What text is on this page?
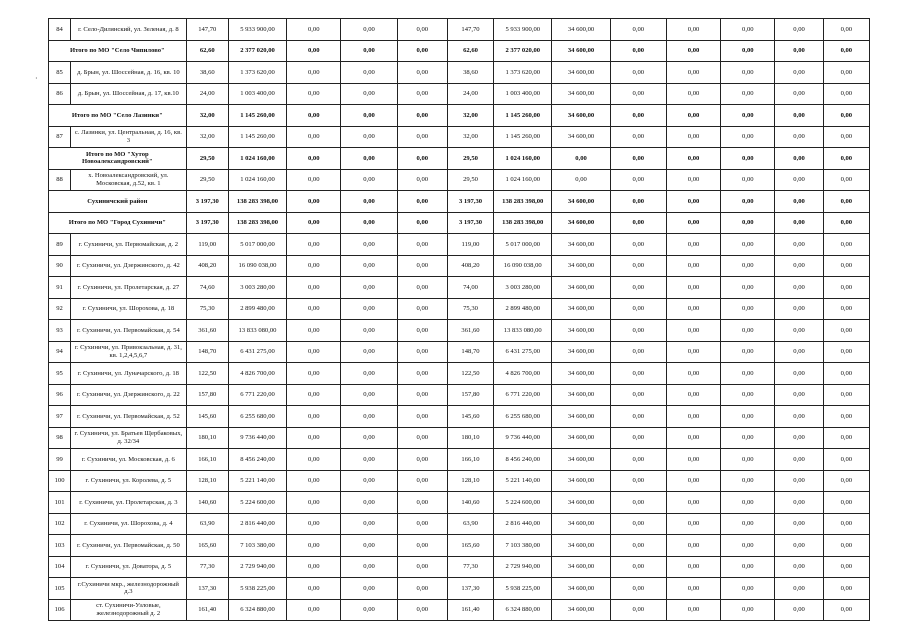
·
84	г. Село-Дилянский, ул. Зеленая, д. 8	147,70	5 933 900,00	0,00	0,00	0,00	147,70	5 933 900,00	34 600,00	0,00	0,00	0,00	0,00	0,00
Итого по МО "Село Чипилово"		62,60	2 377 020,00	0,00	0,00	0,00	62,60	2 377 020,00	34 600,00	0,00	0,00	0,00	0,00	0,00
85	д. Брын, ул. Шоссейная, д. 16, кв. 10	38,60	1 373 620,00	0,00	0,00	0,00	38,60	1 373 620,00	34 600,00	0,00	0,00	0,00	0,00	0,00
86	д. Брын, ул. Шоссейная, д. 17, кв.10	24,00	1 003 400,00	0,00	0,00	0,00	24,00	1 003 400,00	34 600,00	0,00	0,00	0,00	0,00	0,00
Итого по МО "Село Лазинки"		32,00	1 145 260,00	0,00	0,00	0,00	32,00	1 145 260,00	34 600,00	0,00	0,00	0,00	0,00	0,00
87	с. Лазинки, ул. Центральная, д. 16, кв. 3	32,00	1 145 260,00	0,00	0,00	0,00	32,00	1 145 260,00	34 600,00	0,00	0,00	0,00	0,00	0,00
Итого по МО "Хутор Новоалександровский"		29,50	1 024 160,00	0,00	0,00	0,00	29,50	1 024 160,00	0,00	0,00	0,00	0,00	0,00	0,00
88	х. Новоалександровский, ул. Московская, д.52, кв. 1	29,50	1 024 160,00	0,00	0,00	0,00	29,50	1 024 160,00	0,00	0,00	0,00	0,00	0,00	0,00
Сухиничский район		3 197,30	138 283 398,00	0,00	0,00	0,00	3 197,30	138 283 398,00	34 600,00	0,00	0,00	0,00	0,00	0,00
Итого по МО "Город Сухиничи"		3 197,30	138 283 398,00	0,00	0,00	0,00	3 197,30	138 283 398,00	34 600,00	0,00	0,00	0,00	0,00	0,00
89	г. Сухиничи, ул. Первомайская, д. 2	119,00	5 017 000,00	0,00	0,00	0,00	119,00	5 017 000,00	34 600,00	0,00	0,00	0,00	0,00	0,00
90	г. Сухиничи, ул. Дзержинского, д. 42	408,20	16 090 038,00	0,00	0,00	0,00	408,20	16 090 038,00	34 600,00	0,00	0,00	0,00	0,00	0,00
91	г. Сухиничи, ул. Пролетарская, д. 27	74,60	3 003 280,00	0,00	0,00	0,00	74,00	3 003 280,00	34 600,00	0,00	0,00	0,00	0,00	0,00
92	г. Сухиничи, ул. Шорохова, д. 18	75,30	2 899 480,00	0,00	0,00	0,00	75,30	2 899 480,00	34 600,00	0,00	0,00	0,00	0,00	0,00
93	г. Сухиничи, ул. Первомайская, д. 54	361,60	13 833 080,00	0,00	0,00	0,00	361,60	13 833 080,00	34 600,00	0,00	0,00	0,00	0,00	0,00
94	г. Сухиничи, ул. Привокзальная, д. 31, кв. 1,2,4,5,6,7	148,70	6 431 275,00	0,00	0,00	0,00	148,70	6 431 275,00	34 600,00	0,00	0,00	0,00	0,00	0,00
95	г. Сухиничи, ул. Луначарского, д. 18	122,50	4 826 700,00	0,00	0,00	0,00	122,50	4 826 700,00	34 600,00	0,00	0,00	0,00	0,00	0,00
96	г. Сухиничи, ул. Дзержинского, д. 22	157,80	6 771 220,00	0,00	0,00	0,00	157,80	6 771 220,00	34 600,00	0,00	0,00	0,00	0,00	0,00
97	г. Сухиничи, ул. Первомайская, д. 52	145,60	6 255 680,00	0,00	0,00	0,00	145,60	6 255 680,00	34 600,00	0,00	0,00	0,00	0,00	0,00
98	г. Сухиничи, ул. Братьев Щербаковых, д. 32/34	180,10	9 736 440,00	0,00	0,00	0,00	180,10	9 736 440,00	34 600,00	0,00	0,00	0,00	0,00	0,00
99	г. Сухиничи, ул. Московская, д. 6	166,10	8 456 240,00	0,00	0,00	0,00	166,10	8 456 240,00	34 600,00	0,00	0,00	0,00	0,00	0,00
100	г. Сухиничи, ул. Королева, д. 5	128,10	5 221 140,00	0,00	0,00	0,00	128,10	5 221 140,00	34 600,00	0,00	0,00	0,00	0,00	0,00
101	г. Сухиничи, ул. Пролетарская, д. 3	140,60	5 224 600,00	0,00	0,00	0,00	140,60	5 224 600,00	34 600,00	0,00	0,00	0,00	0,00	0,00
102	г. Сухиничи, ул. Шорохова, д. 4	63,90	2 816 440,00	0,00	0,00	0,00	63,90	2 816 440,00	34 600,00	0,00	0,00	0,00	0,00	0,00
103	г. Сухиничи, ул. Первомайская, д. 50	165,60	7 103 380,00	0,00	0,00	0,00	165,60	7 103 380,00	34 600,00	0,00	0,00	0,00	0,00	0,00
104	г. Сухиничи, ул. Доватора, д. 5	77,30	2 729 940,00	0,00	0,00	0,00	77,30	2 729 940,00	34 600,00	0,00	0,00	0,00	0,00	0,00
105	г.Сухиничи мкр., железнодорожный д.3	137,30	5 938 225,00	0,00	0,00	0,00	137,30	5 938 225,00	34 600,00	0,00	0,00	0,00	0,00	0,00
106	ст. Сухиничи-Узловые, железнодорожный д. 2	161,40	6 324 880,00	0,00	0,00	0,00	161,40	6 324 880,00	34 600,00	0,00	0,00	0,00	0,00	0,00
